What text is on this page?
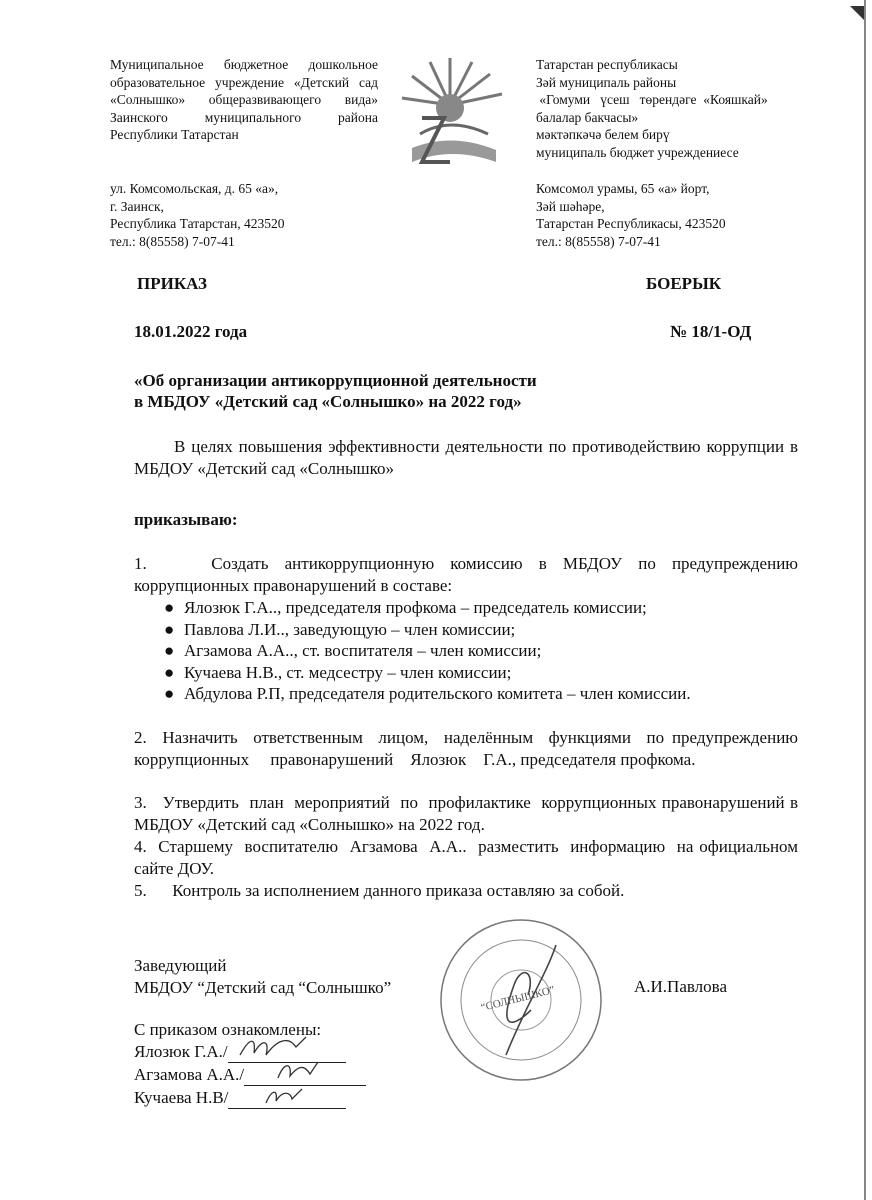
Муниципальное бюджетное дошкольное образовательное учреждение «Детский сад «Солнышко» общеразвивающего вида» Заинского муниципального района Республики Татарстан
Татарстан республикасы
Зәй муниципаль районы
«Гомуми   үсеш   төрендәге  «Кояшкай»
балалар бакчасы»
мәктәпкәчә белем бирү
муниципаль бюджет учреждениесе
ул. Комсомольская, д. 65 «а»,
г. Заинск,
Республика Татарстан, 423520
тел.: 8(85558) 7-07-41
Комсомол урамы, 65 «а» йорт,
Зәй шәһәре,
Татарстан Республикасы, 423520
тел.: 8(85558) 7-07-41
ПРИКАЗ	БОЕРЫК
18.01.2022 года	№ 18/1-ОД
«Об организации антикоррупционной деятельности
в МБДОУ «Детский сад «Солнышко» на 2022 год»
В целях повышения эффективности деятельности по противодействию коррупции в МБДОУ «Детский сад «Солнышко»
приказываю:
1.	Создать антикоррупционную комиссию в МБДОУ по предупреждению коррупционных правонарушений в составе:
● Ялозюк Г.А.., председателя профкома – председатель комиссии;
● Павлова Л.И.., заведующую – член комиссии;
● Агзамова А.А.., ст. воспитателя – член комиссии;
● Кучаева Н.В., ст. медсестру – член комиссии;
● Абдулова Р.П, председателя родительского комитета – член комиссии.
2.  Назначить  ответственным  лицом,  наделённым  функциями  по предупреждению     коррупционных     правонарушений    Ялозюк    Г.А., председателя профкома.
3.   Утвердить  план  мероприятий  по  профилактике  коррупционных правонарушений в МБДОУ «Детский сад «Солнышко» на 2022 год.
4.  Старшему  воспитателю  Агзамова  А.А..  разместить  информацию  на официальном сайте ДОУ.
5.      Контроль за исполнением данного приказа оставляю за собой.
Заведующий
МБДОУ “Детский сад “Солнышко”	А.И.Павлова
“СОЛНЫШКО”
С приказом ознакомлены:
Ялозюк Г.А./
Агзамова А.А./
Кучаева Н.В/
